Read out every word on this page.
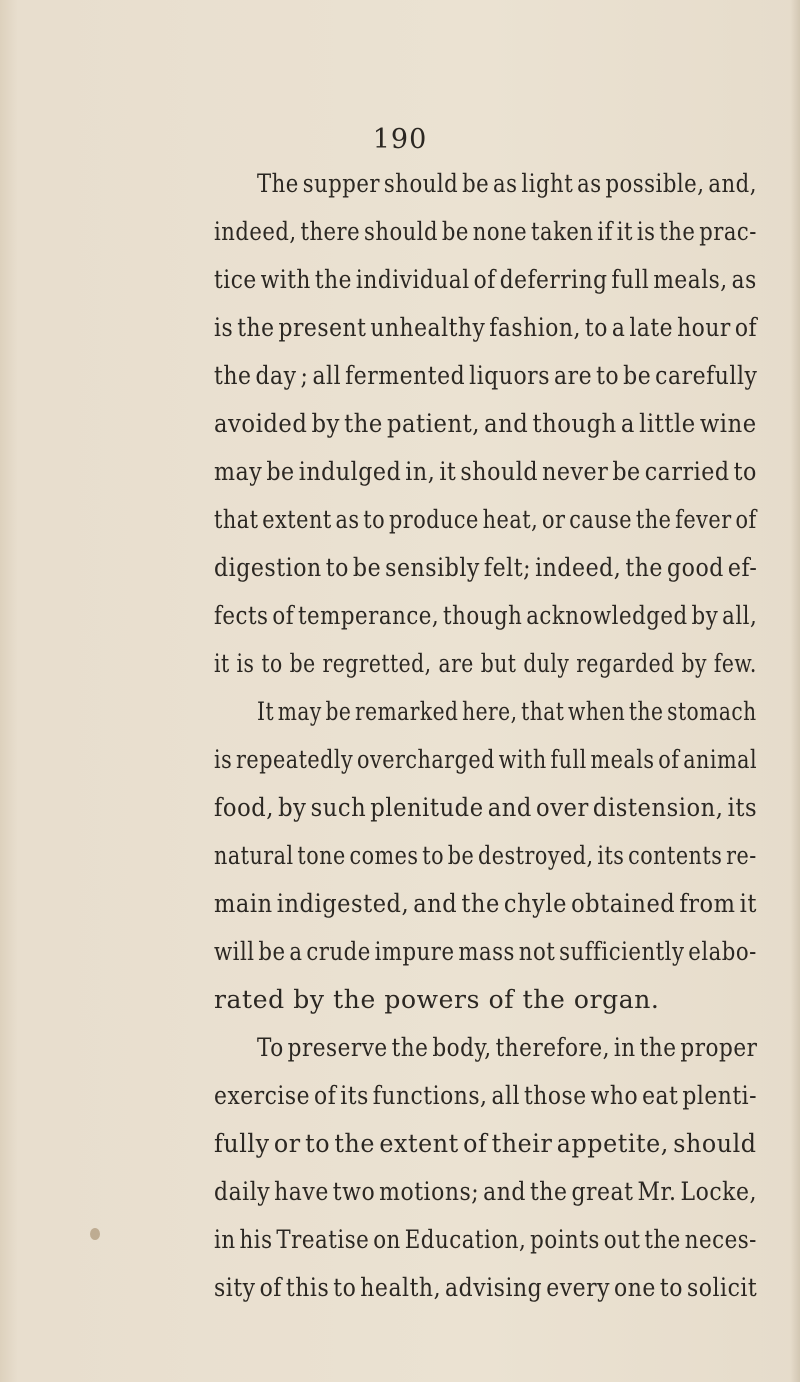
190
The supper should be as light as possible, and,
indeed, there should be none taken if it is the prac-
tice with the individual of deferring full meals, as
is the present unhealthy fashion, to a late hour of
the day ; all fermented liquors are to be carefully
avoided by the patient, and though a little wine
may be indulged in, it should never be carried to
that extent as to produce heat, or cause the fever of
digestion to be sensibly felt; indeed, the good ef-
fects of temperance, though acknowledged by all,
it is to be regretted, are but duly regarded by few.
It may be remarked here, that when the stomach
is repeatedly overcharged with full meals of animal
food, by such plenitude and over distension, its
natural tone comes to be destroyed, its contents re-
main indigested, and the chyle obtained from it
will be a crude impure mass not sufficiently elabo-
rated by the powers of the organ.
To preserve the body, therefore, in the proper
exercise of its functions, all those who eat plenti-
fully or to the extent of their appetite, should
daily have two motions; and the great Mr. Locke,
in his Treatise on Education, points out the neces-
sity of this to health, advising every one to solicit
